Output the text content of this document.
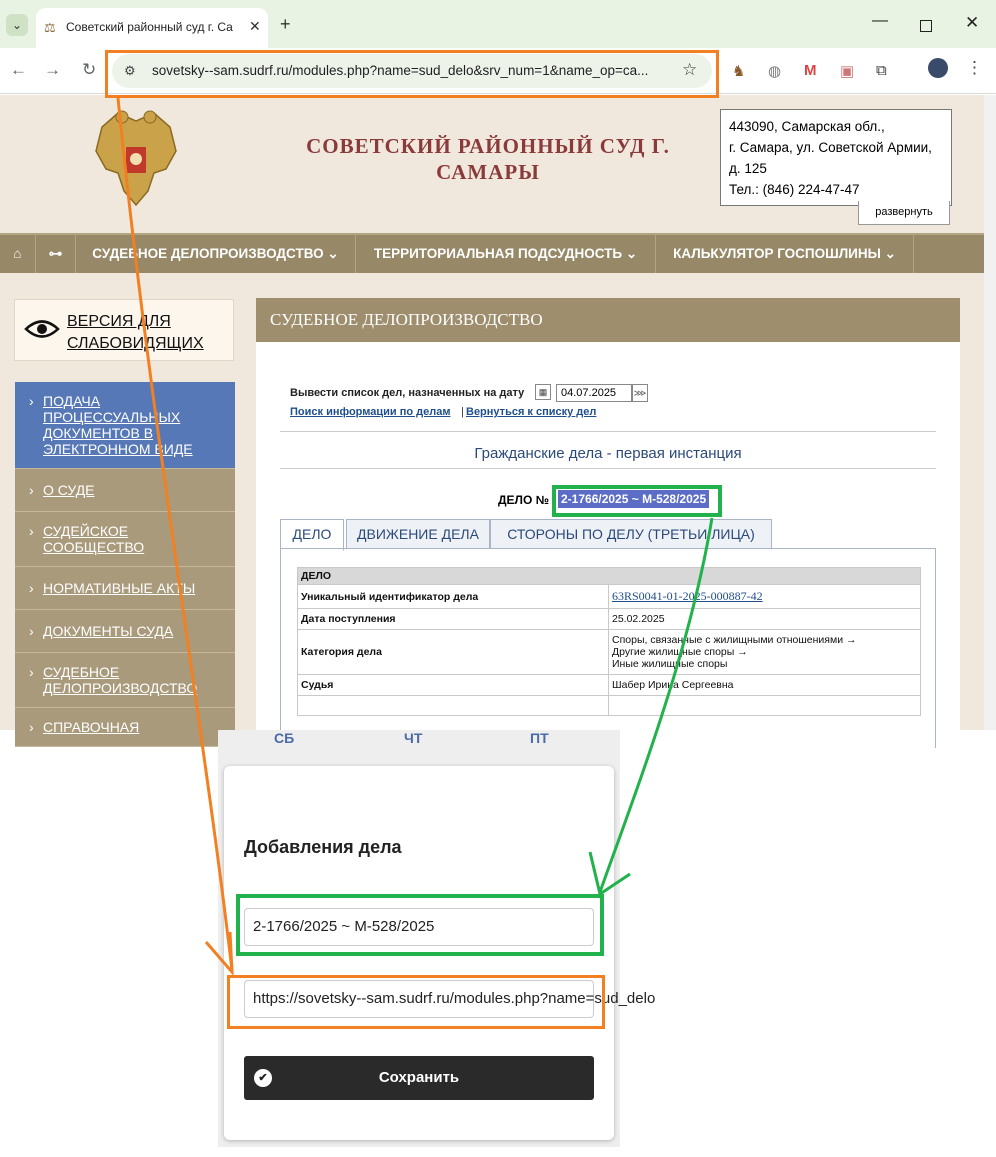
⌄	⚖ Советский районный суд г. Са	✕ +	—	✕
← → ↻ ⚙ sovetsky--sam.sudrf.ru/modules.php?name=sud_delo&srv_num=1&name_op=ca... ☆ ♞ ◍ M ▣ ⧉	⋮
СОВЕТСКИЙ РАЙОННЫЙ СУД Г. САМАРЫ
443090, Самарская обл.,
г. Самара, ул. Советской Армии,
д. 125
Тел.: (846) 224-47-47
развернуть
⌂	⊶	СУДЕБНОЕ ДЕЛОПРОИЗВОДСТВО ⌄	ТЕРРИТОРИАЛЬНАЯ ПОДСУДНОСТЬ ⌄	КАЛЬКУЛЯТОР ГОСПОШЛИНЫ ⌄
ВЕРСИЯ ДЛЯ
СЛАБОВИДЯЩИХ
› ПОДАЧА ПРОЦЕССУАЛЬНЫХ ДОКУМЕНТОВ В ЭЛЕКТРОННОМ ВИДЕ
› О СУДЕ
› СУДЕЙСКОЕ СООБЩЕСТВО
› НОРМАТИВНЫЕ АКТЫ
› ДОКУМЕНТЫ СУДА
› СУДЕБНОЕ ДЕЛОПРОИЗВОДСТВО
› СПРАВОЧНАЯ
СУДЕБНОЕ ДЕЛОПРОИЗВОДСТВО
Вывести список дел, назначенных на дату	▦	04.07.2025	⋙
Поиск информации по делам | Вернуться к списку дел
Гражданские дела - первая инстанция
ДЕЛО № 2-1766/2025 ~ М-528/2025
ДЕЛО	ДВИЖЕНИЕ ДЕЛА	СТОРОНЫ ПО ДЕЛУ (ТРЕТЬИ ЛИЦА)
ДЕЛО	
Уникальный идентификатор дела	63RS0041-01-2025-000887-42
Дата поступления	25.02.2025
Категория дела	Споры, связанные с жилищными отношениями →
Другие жилищные споры →
Иные жилищные споры

Судья	Шабер Ирина Сергеевна

СБ	ЧТ	ПТ
Добавления дела
2-1766/2025 ~ М-528/2025
https://sovetsky--sam.sudrf.ru/modules.php?name=sud_delo
✔	Сохранить
